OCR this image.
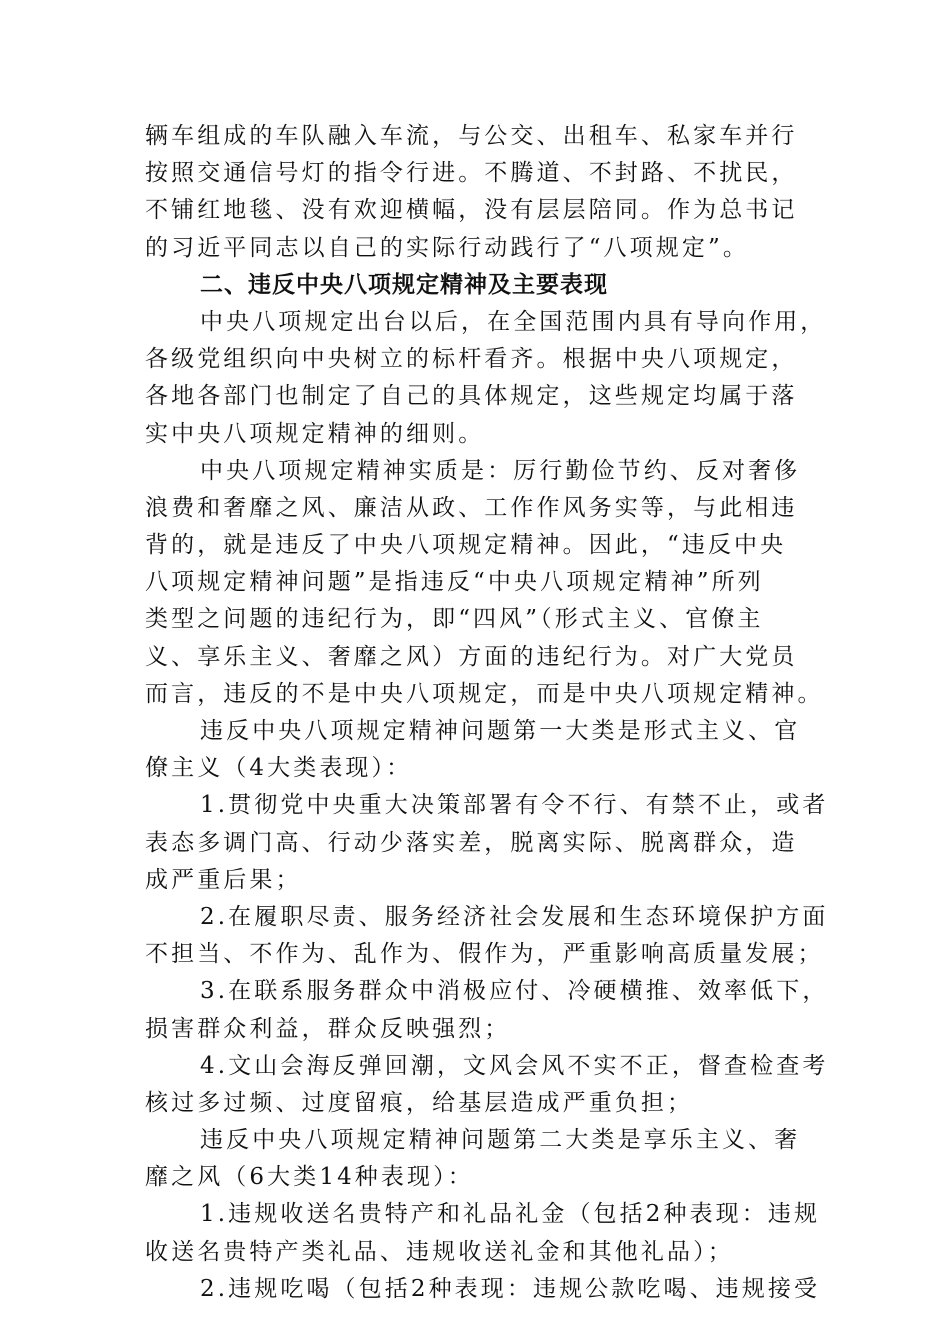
辆车组成的车队融入车流，与公交、出租车、私家车并行
按照交通信号灯的指令行进。不腾道、不封路、不扰民，
不铺红地毯、没有欢迎横幅，没有层层陪同。作为总书记
的习近平同志以自己的实际行动践行了“八项规定”。
二、违反中央八项规定精神及主要表现
中央八项规定出台以后，在全国范围内具有导向作用，
各级党组织向中央树立的标杆看齐。根据中央八项规定，
各地各部门也制定了自己的具体规定，这些规定均属于落
实中央八项规定精神的细则。
中央八项规定精神实质是：厉行勤俭节约、反对奢侈
浪费和奢靡之风、廉洁从政、工作作风务实等，与此相违
背的，就是违反了中央八项规定精神。因此，“违反中央
八项规定精神问题”是指违反“中央八项规定精神”所列
类型之问题的违纪行为，即“四风”（形式主义、官僚主
义、享乐主义、奢靡之风）方面的违纪行为。对广大党员
而言，违反的不是中央八项规定，而是中央八项规定精神。
违反中央八项规定精神问题第一大类是形式主义、官
僚主义（4大类表现）：
1.贯彻党中央重大决策部署有令不行、有禁不止，或者
表态多调门高、行动少落实差，脱离实际、脱离群众，造
成严重后果；
2.在履职尽责、服务经济社会发展和生态环境保护方面
不担当、不作为、乱作为、假作为，严重影响高质量发展；
3.在联系服务群众中消极应付、冷硬横推、效率低下，
损害群众利益，群众反映强烈；
4.文山会海反弹回潮，文风会风不实不正，督查检查考
核过多过频、过度留痕，给基层造成严重负担；
违反中央八项规定精神问题第二大类是享乐主义、奢
靡之风（6大类14种表现）：
1.违规收送名贵特产和礼品礼金（包括2种表现：违规
收送名贵特产类礼品、违规收送礼金和其他礼品）；
2.违规吃喝（包括2种表现：违规公款吃喝、违规接受
